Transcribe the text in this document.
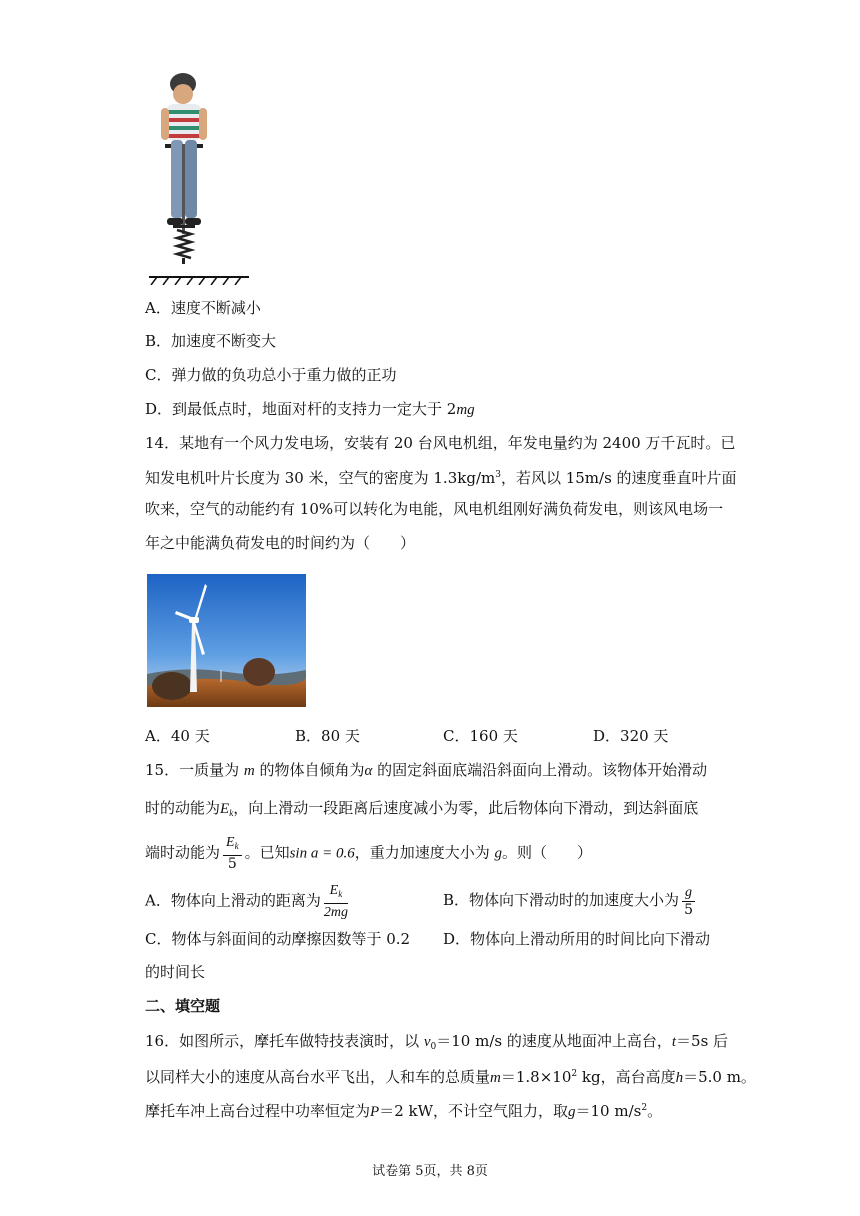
A．速度不断减小
B．加速度不断变大
C．弹力做的负功总小于重力做的正功
D．到最低点时，地面对杆的支持力一定大于 2mg
14．某地有一个风力发电场，安装有 20 台风电机组，年发电量约为 2400 万千瓦时。已
知发电机叶片长度为 30 米，空气的密度为 $1.3kg/m^3$，若风以 15m/s 的速度垂直叶片面
吹来，空气的动能约有 10%可以转化为电能，风电机组刚好满负荷发电，则该风电场一
年之中能满负荷发电的时间约为（　　）
A．40 天	B．80 天	C．160 天	D．320 天
15．一质量为 m 的物体自倾角为α 的固定斜面底端沿斜面向上滑动。该物体开始滑动
时的动能为$E_k$，向上滑动一段距离后速度减小为零，此后物体向下滑动，到达斜面底
端时动能为 $\frac{E_k}{5}$ 。已知sin a = 0.6，重力加速度大小为 g。则（　　）
A．物体向上滑动的距离为 $\frac{E_k}{2mg}$	B．物体向下滑动时的加速度大小为 $\frac{g}{5}$
C．物体与斜面间的动摩擦因数等于 0.2 D．物体向上滑动所用的时间比向下滑动
的时间长
二、填空题
16．如图所示，摩托车做特技表演时，以 $v_0=10$ m/s 的速度从地面冲上高台，t＝5s 后
以同样大小的速度从高台水平飞出，人和车的总质量$m=1.8\times 10^2$ kg，高台高度h＝5.0 m。
摩托车冲上高台过程中功率恒定为P＝2 kW，不计空气阻力，取g＝10 $m/s^2$。
试卷第 5页，共 8页
